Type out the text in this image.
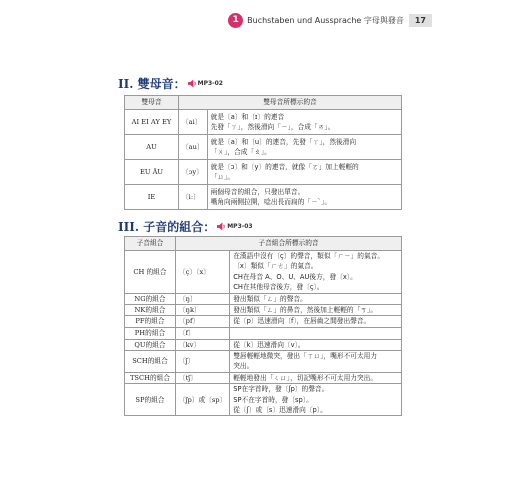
1	Buchstaben und Aussprache 字母與發音	17
II. 雙母音： MP3-02
雙母音	雙母音所標示的音	
AI EI AY EY	〔ai〕	就是〔a〕和〔ɪ〕的連音
先發「ㄚ」，然後滑向「ㄧ」，合成「ㄞ」。

AU	〔au〕	就是〔a〕和〔u〕的連音，先發「ㄚ」，然後滑向
「ㄨ」，合成「ㄠ」。

EU ÄU	〔ɔy〕	就是〔ɔ〕和〔y〕的連音，就像「ㄛ」加上輕輕的
「ㄩ」。

IE	〔iː〕	兩個母音的組合，只發出單音。
嘴角向兩側拉開，唸出長而扁的「ㄧˋ」。
III. 子音的組合： MP3-03
子音組合	子音組合所標示的音	
CH 的組合	〔ç〕〔x〕	在漢語中沒有〔ç〕的聲音，類似「ㄏㄧ」的氣音。
〔x〕類似「ㄏㄜ」的氣音。
CH在母音 A、O、U、AU後方，發〔x〕。
CH在其他母音後方，發〔ç〕。

NG的組合	〔ŋ〕	發出類似「ㄥ」的聲音。

NK的組合	〔ŋk〕	發出類似「ㄥ」的鼻音，然後加上輕輕的「ㄎ」。

PF的組合	〔pf〕	從〔p〕迅速滑向〔f〕，在唇齒之間發出聲音。

PH的組合	〔f〕	

QU的組合	〔kv〕	從〔k〕迅速滑向〔v〕。

SCH的組合	〔ʃ〕	雙唇輕輕地微突，發出「ㄒㄩ」，嘴形不可太用力
突出。

TSCH的組合	〔tʃ〕	輕輕地發出「ㄑㄩ」，切記嘴形不可太用力突出。

SP的組合	〔ʃp〕或〔sp〕	SP在字首時，發〔ʃp〕的聲音。
SP不在字首時，發〔sp〕。
從〔ʃ〕或〔s〕迅速滑向〔p〕。
